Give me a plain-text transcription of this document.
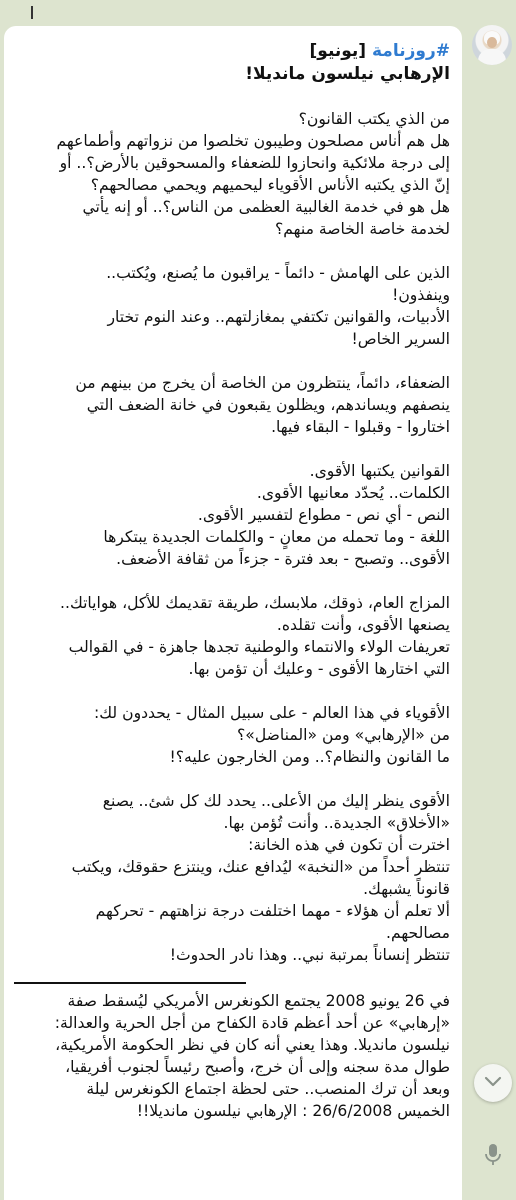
#روزنامة [يونيو]

الإرهابي نيلسون مانديلا!

من الذي يكتب القانون؟

هل هم أناس مصلحون وطيبون تخلصوا من نزواتهم وأطماعهم

إلى درجة ملائكية وانحازوا للضعفاء والمسحوقين بالأرض؟.. أو

إنّ الذي يكتبه الأناس الأقوياء ليحميهم ويحمي مصالحهم؟

هل هو في خدمة الغالبية العظمى من الناس؟.. أو إنه يأتي

لخدمة خاصة الخاصة منهم؟

الذين على الهامش - دائماً - يراقبون ما يُصنع، ويُكتب..

وينفذون!

الأدبيات، والقوانين تكتفي بمغازلتهم.. وعند النوم تختار

السرير الخاص!

الضعفاء، دائماً، ينتظرون من الخاصة أن يخرج من بينهم من

ينصفهم ويساندهم، ويظلون يقبعون في خانة الضعف التي

اختاروا - وقبلوا - البقاء فيها.

القوانين يكتبها الأقوى.

الكلمات.. يُحدّد معانيها الأقوى.

النص - أي نص - مطواع لتفسير الأقوى.

اللغة - وما تحمله من معانٍ - والكلمات الجديدة يبتكرها

الأقوى.. وتصبح - بعد فترة - جزءاً من ثقافة الأضعف.

المزاج العام، ذوقك، ملابسك، طريقة تقديمك للأكل، هواياتك..

يصنعها الأقوى، وأنت تقلده.

تعريفات الولاء والانتماء والوطنية تجدها جاهزة - في القوالب

التي اختارها الأقوى - وعليك أن تؤمن بها.

الأقوياء في هذا العالم - على سبيل المثال - يحددون لك:

من «الإرهابي» ومن «المناضل»؟

ما القانون والنظام؟.. ومن الخارجون عليه؟!

الأقوى ينظر إليك من الأعلى.. يحدد لك كل شئ.. يصنع

«الأخلاق» الجديدة.. وأنت تُؤمن بها.

اخترت أن تكون في هذه الخانة:

تنتظر أحداً من «النخبة» ليُدافع عنك، وينتزع حقوقك، ويكتب

قانوناً يشبهك.

ألا تعلم أن هؤلاء - مهما اختلفت درجة نزاهتهم - تحركهم

مصالحهم.

تنتظر إنساناً بمرتبة نبي.. وهذا نادر الحدوث!

في 26 يونيو 2008 يجتمع الكونغرس الأمريكي ليُسقط صفة

«إرهابي» عن أحد أعظم قادة الكفاح من أجل الحرية والعدالة:

نيلسون مانديلا. وهذا يعني أنه كان في نظر الحكومة الأمريكية،

طوال مدة سجنه وإلى أن خرج، وأصبح رئيساً لجنوب أفريقيا،

وبعد أن ترك المنصب.. حتى لحظة اجتماع الكونغرس ليلة

الخميس 26/6/2008 : الإرهابي نيلسون مانديلا!!
